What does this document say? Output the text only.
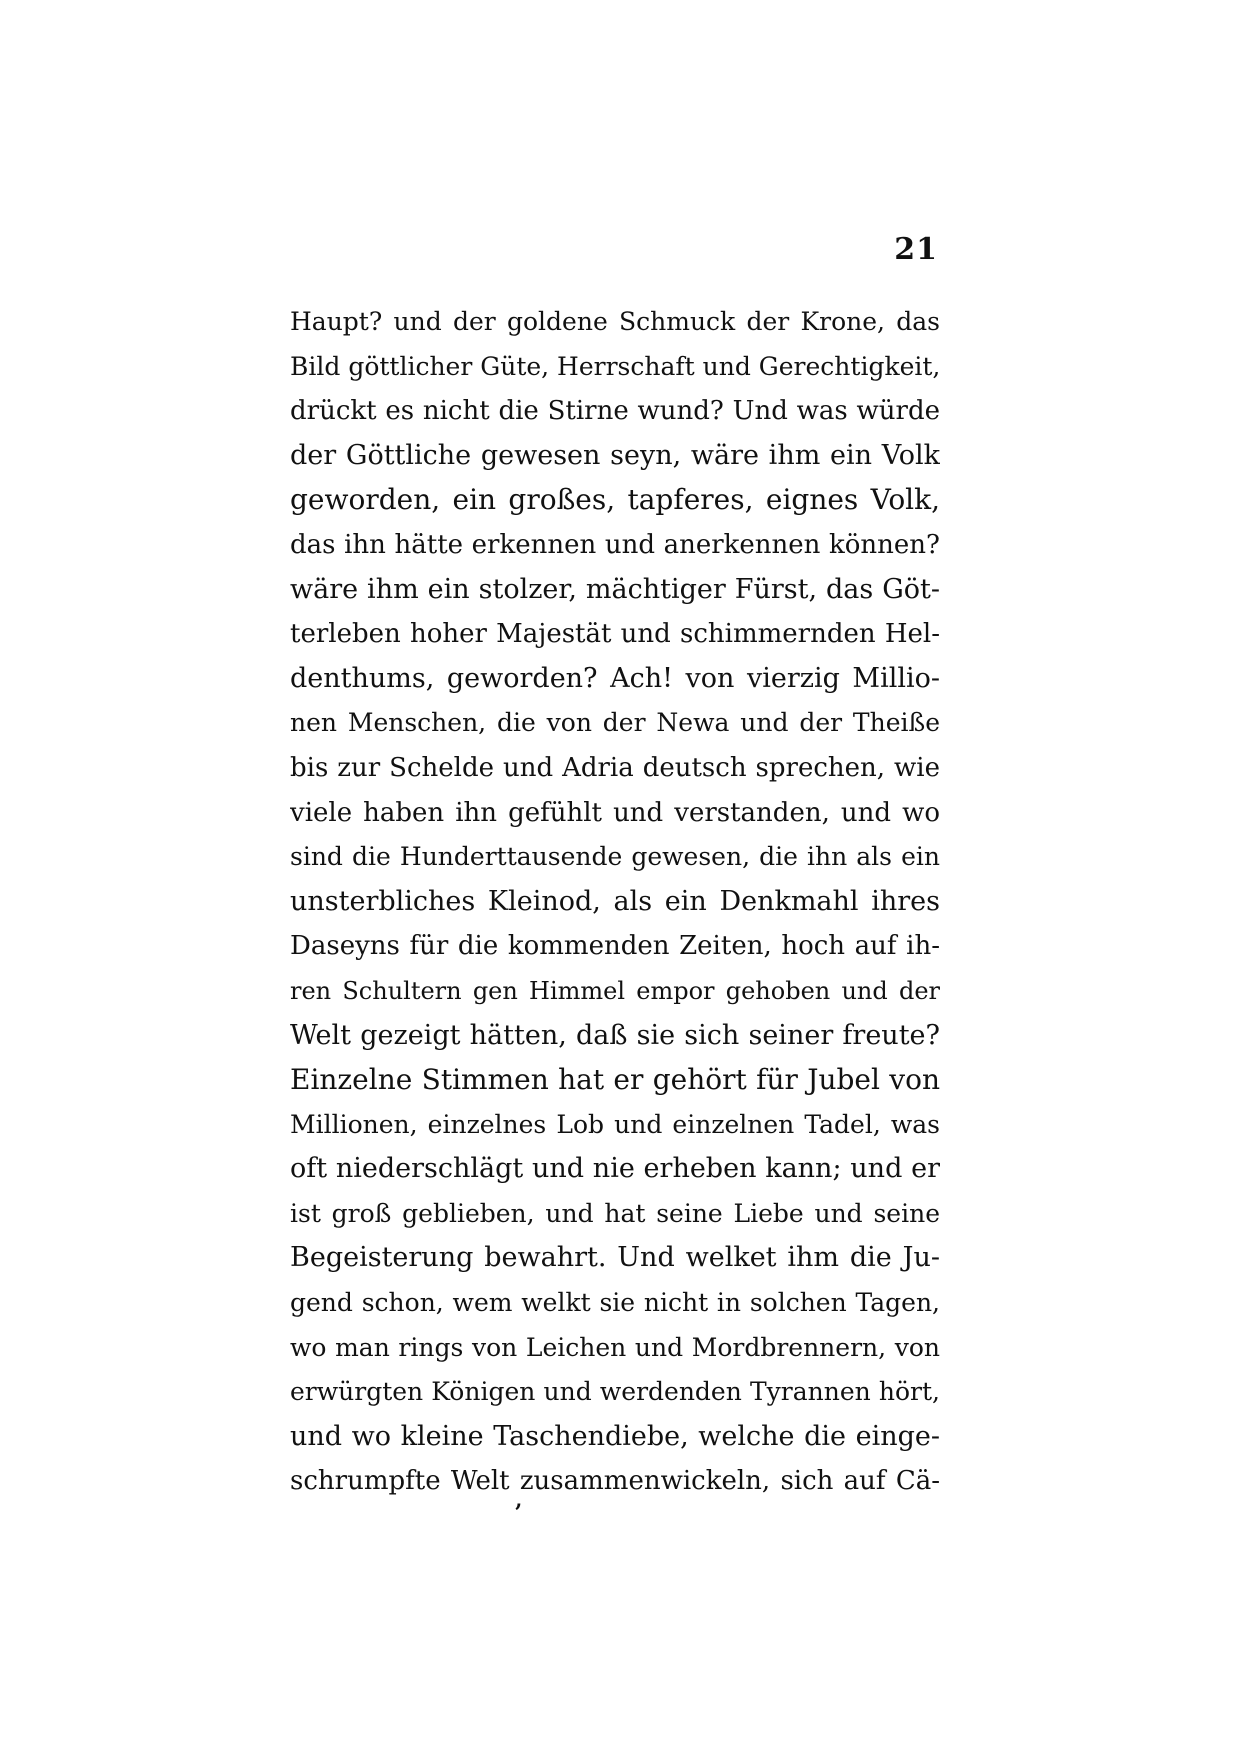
21
Haupt? und der goldene Schmuck der Krone, das
Bild göttlicher Güte, Herrschaft und Gerechtigkeit,
drückt es nicht die Stirne wund? Und was würde
der Göttliche gewesen seyn, wäre ihm ein Volk
geworden, ein großes, tapferes, eignes Volk,
das ihn hätte erkennen und anerkennen können?
wäre ihm ein stolzer, mächtiger Fürst, das Göt-
terleben hoher Majestät und schimmernden Hel-
denthums, geworden? Ach! von vierzig Millio-
nen Menschen, die von der Newa und der Theiße
bis zur Schelde und Adria deutsch sprechen, wie
viele haben ihn gefühlt und verstanden, und wo
sind die Hunderttausende gewesen, die ihn als ein
unsterbliches Kleinod, als ein Denkmahl ihres
Daseyns für die kommenden Zeiten, hoch auf ih-
ren Schultern gen Himmel empor gehoben und der
Welt gezeigt hätten, daß sie sich seiner freute?
Einzelne Stimmen hat er gehört für Jubel von
Millionen, einzelnes Lob und einzelnen Tadel, was
oft niederschlägt und nie erheben kann; und er
ist groß geblieben, und hat seine Liebe und seine
Begeisterung bewahrt. Und welket ihm die Ju-
gend schon, wem welkt sie nicht in solchen Tagen,
wo man rings von Leichen und Mordbrennern, von
erwürgten Königen und werdenden Tyrannen hört,
und wo kleine Taschendiebe, welche die einge-
schrumpfte Welt zusammenwickeln, sich auf Cä-
ʼ
